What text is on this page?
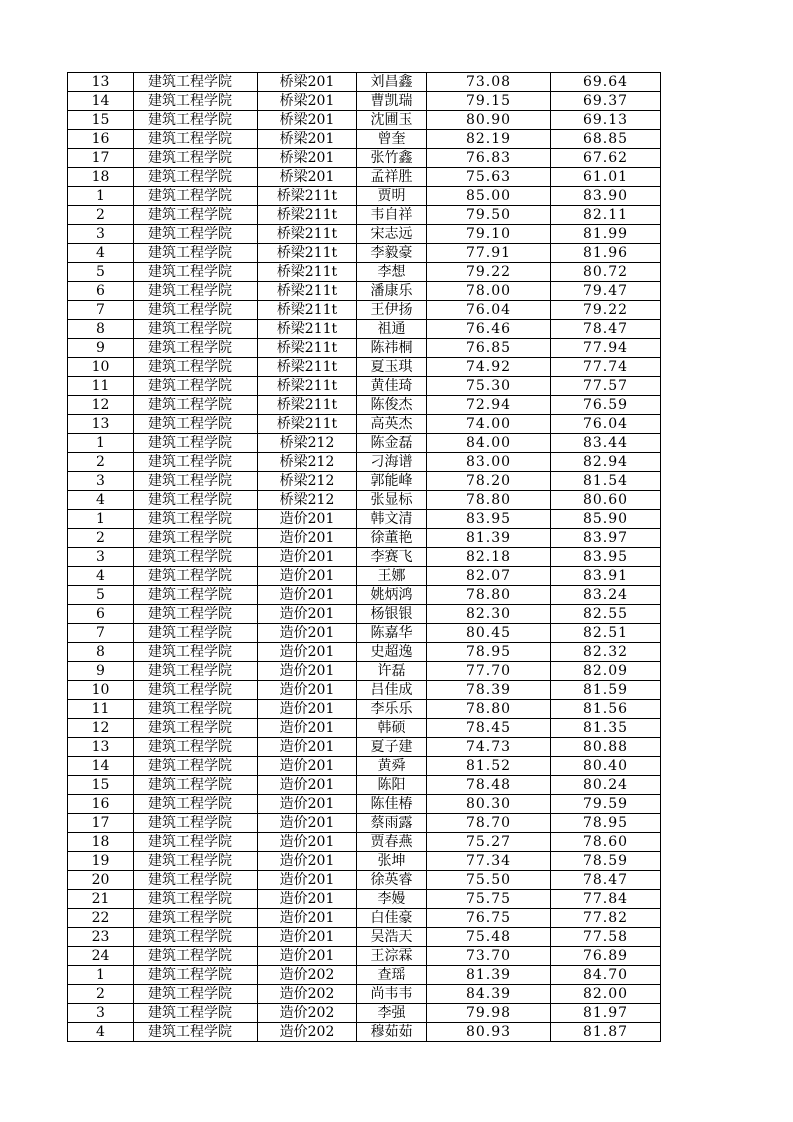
13	建筑工程学院	桥梁201	刘昌鑫	73.08	69.64
14	建筑工程学院	桥梁201	曹凯瑞	79.15	69.37
15	建筑工程学院	桥梁201	沈圃玉	80.90	69.13
16	建筑工程学院	桥梁201	曾奎	82.19	68.85
17	建筑工程学院	桥梁201	张竹鑫	76.83	67.62
18	建筑工程学院	桥梁201	孟祥胜	75.63	61.01
1	建筑工程学院	桥梁211t	贾明	85.00	83.90
2	建筑工程学院	桥梁211t	韦自祥	79.50	82.11
3	建筑工程学院	桥梁211t	宋志远	79.10	81.99
4	建筑工程学院	桥梁211t	李毅豪	77.91	81.96
5	建筑工程学院	桥梁211t	李想	79.22	80.72
6	建筑工程学院	桥梁211t	潘康乐	78.00	79.47
7	建筑工程学院	桥梁211t	王伊扬	76.04	79.22
8	建筑工程学院	桥梁211t	祖通	76.46	78.47
9	建筑工程学院	桥梁211t	陈祎桐	76.85	77.94
10	建筑工程学院	桥梁211t	夏玉琪	74.92	77.74
11	建筑工程学院	桥梁211t	黄佳琦	75.30	77.57
12	建筑工程学院	桥梁211t	陈俊杰	72.94	76.59
13	建筑工程学院	桥梁211t	高英杰	74.00	76.04
1	建筑工程学院	桥梁212	陈金磊	84.00	83.44
2	建筑工程学院	桥梁212	刁海谱	83.00	82.94
3	建筑工程学院	桥梁212	郭能峰	78.20	81.54
4	建筑工程学院	桥梁212	张显标	78.80	80.60
1	建筑工程学院	造价201	韩文清	83.95	85.90
2	建筑工程学院	造价201	徐董艳	81.39	83.97
3	建筑工程学院	造价201	李赛飞	82.18	83.95
4	建筑工程学院	造价201	王娜	82.07	83.91
5	建筑工程学院	造价201	姚炳鸿	78.80	83.24
6	建筑工程学院	造价201	杨银银	82.30	82.55
7	建筑工程学院	造价201	陈嘉华	80.45	82.51
8	建筑工程学院	造价201	史超逸	78.95	82.32
9	建筑工程学院	造价201	许磊	77.70	82.09
10	建筑工程学院	造价201	吕佳成	78.39	81.59
11	建筑工程学院	造价201	李乐乐	78.80	81.56
12	建筑工程学院	造价201	韩硕	78.45	81.35
13	建筑工程学院	造价201	夏子建	74.73	80.88
14	建筑工程学院	造价201	黄舜	81.52	80.40
15	建筑工程学院	造价201	陈阳	78.48	80.24
16	建筑工程学院	造价201	陈佳椿	80.30	79.59
17	建筑工程学院	造价201	蔡雨露	78.70	78.95
18	建筑工程学院	造价201	贾春燕	75.27	78.60
19	建筑工程学院	造价201	张坤	77.34	78.59
20	建筑工程学院	造价201	徐英睿	75.50	78.47
21	建筑工程学院	造价201	李嫚	75.75	77.84
22	建筑工程学院	造价201	白佳豪	76.75	77.82
23	建筑工程学院	造价201	吴浩天	75.48	77.58
24	建筑工程学院	造价201	王淙霖	73.70	76.89
1	建筑工程学院	造价202	查瑶	81.39	84.70
2	建筑工程学院	造价202	尚韦韦	84.39	82.00
3	建筑工程学院	造价202	李强	79.98	81.97
4	建筑工程学院	造价202	穆茹茹	80.93	81.87
